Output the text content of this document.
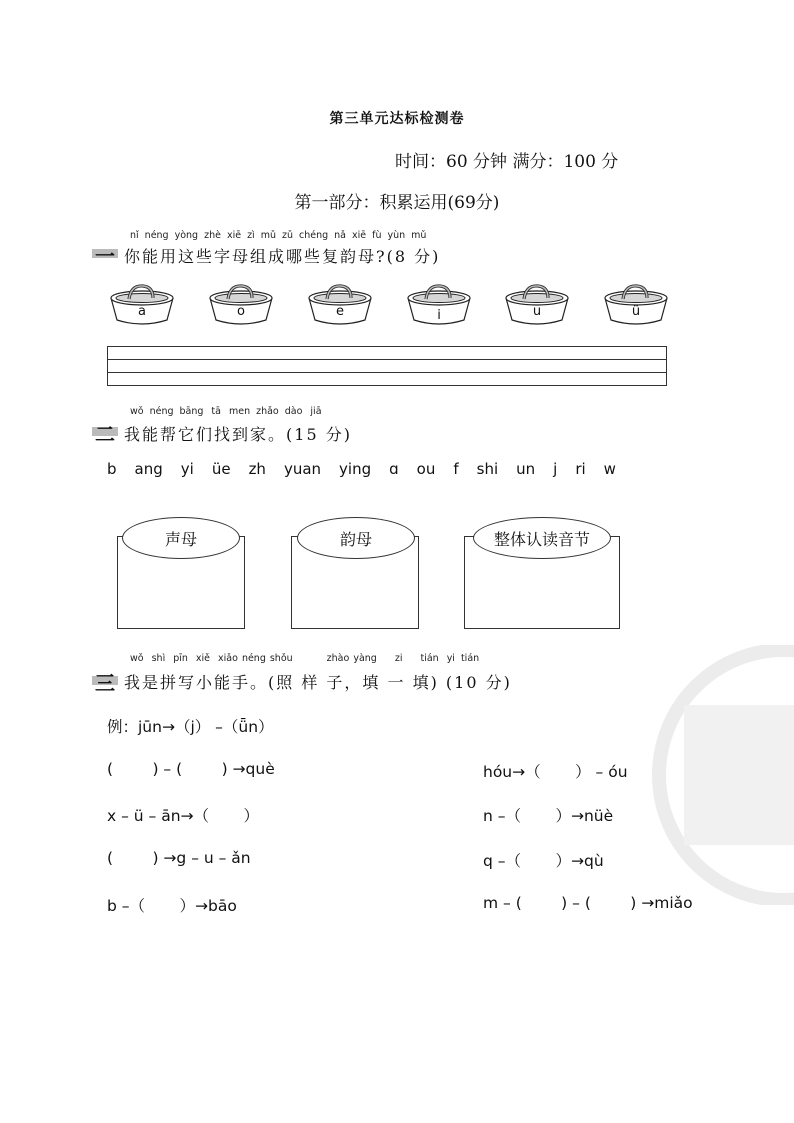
第三单元达标检测卷
时间：60 分钟 满分：100 分
第一部分：积累运用(69分)
nǐ néng yòng zhè xiē zì mǔ zǔ chéng nǎ xiē fù yùn mǔ
一 你能用这些字母组成哪些复韵母?(8 分)
a	o	e	i	u	ü
wǒ néng bāng tā men zhǎo dào jiā
二 我能帮它们找到家。(15 分)
b ang yi üe zh yuan ying ɑ ou f shi un j ri w
声母	韵母	整体认读音节
wǒ shì pīn xiě xiǎo néng shǒu	zhào yàng zi tián yi tián
三 我是拼写小能手。(照 样 子，填 一 填) (10 分)
例：jūn→（j） –（ǖn）
(        ) – (        ) →què	hóu→（       ） – óu
x – ü – ān→（       ）	n –（       ）→nüè
(        ) →g – u – ǎn	q –（       ）→qù
b –（       ）→bāo	m – (        ) – (        ) →miǎo
